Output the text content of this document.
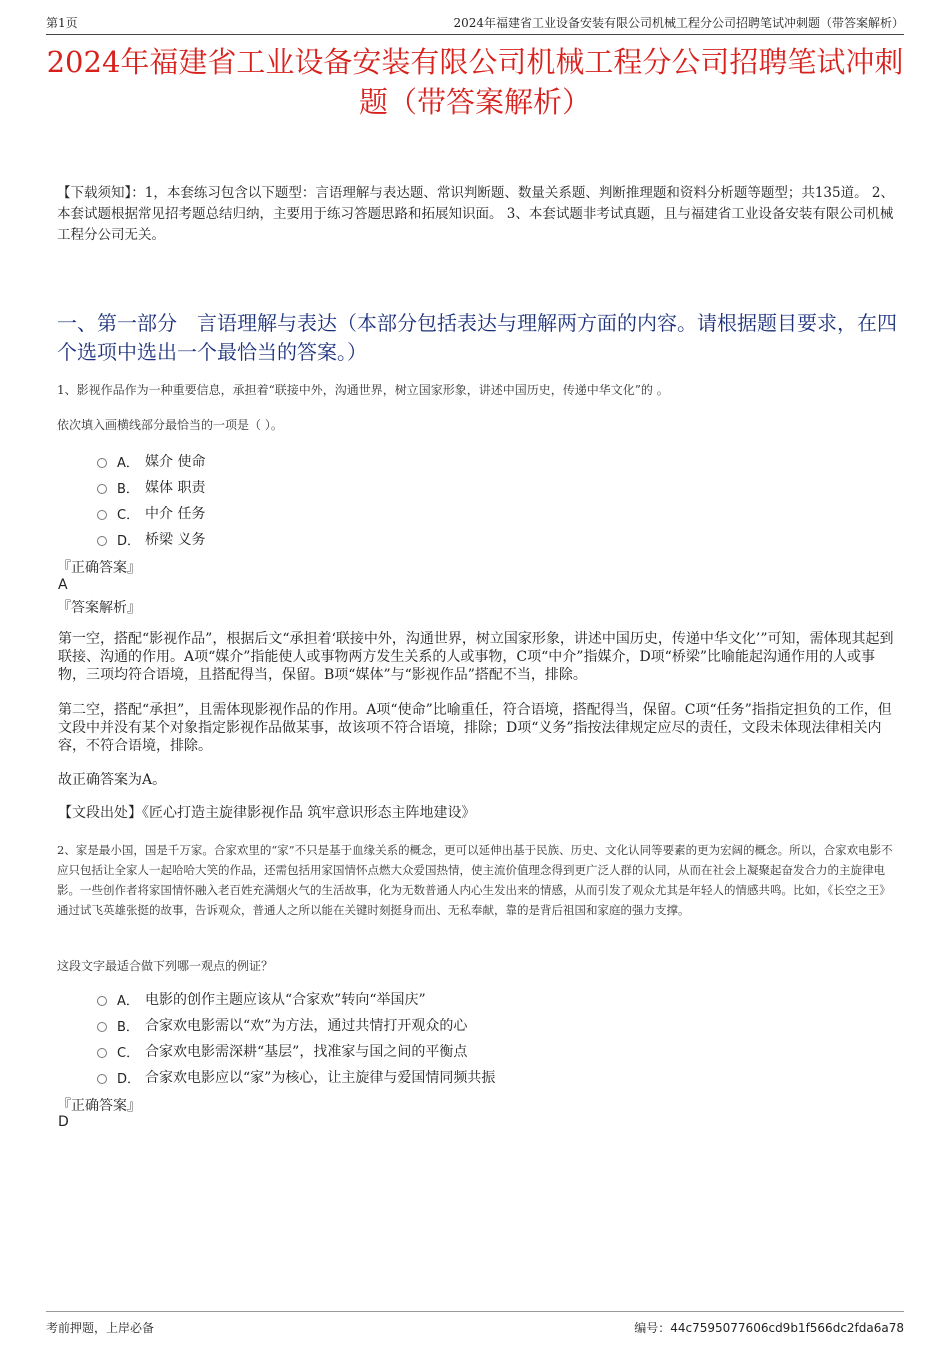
第1页	2024年福建省工业设备安装有限公司机械工程分公司招聘笔试冲刺题（带答案解析）
2024年福建省工业设备安装有限公司机械工程分公司招聘笔试冲刺题（带答案解析）
【下载须知】：1，本套练习包含以下题型：言语理解与表达题、常识判断题、数量关系题、判断推理题和资料分析题等题型；共135道。 2、本套试题根据常见招考题总结归纳，主要用于练习答题思路和拓展知识面。 3、本套试题非考试真题，且与福建省工业设备安装有限公司机械工程分公司无关。
一、第一部分　言语理解与表达（本部分包括表达与理解两方面的内容。请根据题目要求，在四个选项中选出一个最恰当的答案。）
1、影视作品作为一种重要信息，承担着“联接中外，沟通世界，树立国家形象，讲述中国历史，传递中华文化”的 。
依次填入画横线部分最恰当的一项是（ ）。
A． 媒介 使命
B． 媒体 职责
C． 中介 任务
D． 桥梁 义务
『正确答案』
A
『答案解析』
第一空，搭配“影视作品”，根据后文“承担着‘联接中外，沟通世界，树立国家形象，讲述中国历史，传递中华文化’”可知，需体现其起到联接、沟通的作用。A项“媒介”指能使人或事物两方发生关系的人或事物，C项“中介”指媒介，D项“桥梁”比喻能起沟通作用的人或事物，三项均符合语境，且搭配得当，保留。B项“媒体”与“影视作品”搭配不当，排除。
第二空，搭配“承担”，且需体现影视作品的作用。A项“使命”比喻重任，符合语境，搭配得当，保留。C项“任务”指指定担负的工作，但文段中并没有某个对象指定影视作品做某事，故该项不符合语境，排除；D项“义务”指按法律规定应尽的责任，文段未体现法律相关内容，不符合语境，排除。
故正确答案为A。
【文段出处】《匠心打造主旋律影视作品 筑牢意识形态主阵地建设》
2、家是最小国，国是千万家。合家欢里的“家”不只是基于血缘关系的概念，更可以延伸出基于民族、历史、文化认同等要素的更为宏阔的概念。所以，合家欢电影不应只包括让全家人一起哈哈大笑的作品，还需包括用家国情怀点燃大众爱国热情，使主流价值理念得到更广泛人群的认同，从而在社会上凝聚起奋发合力的主旋律电影。一些创作者将家国情怀融入老百姓充满烟火气的生活故事，化为无数普通人内心生发出来的情感，从而引发了观众尤其是年轻人的情感共鸣。比如，《长空之王》通过试飞英雄张挺的故事，告诉观众，普通人之所以能在关键时刻挺身而出、无私奉献，靠的是背后祖国和家庭的强力支撑。
这段文字最适合做下列哪一观点的例证？
A． 电影的创作主题应该从“合家欢”转向“举国庆”
B． 合家欢电影需以“欢”为方法，通过共情打开观众的心
C． 合家欢电影需深耕“基层”，找准家与国之间的平衡点
D． 合家欢电影应以“家”为核心，让主旋律与爱国情同频共振
『正确答案』
D
考前押题，上岸必备	编号：44c7595077606cd9b1f566dc2fda6a78
